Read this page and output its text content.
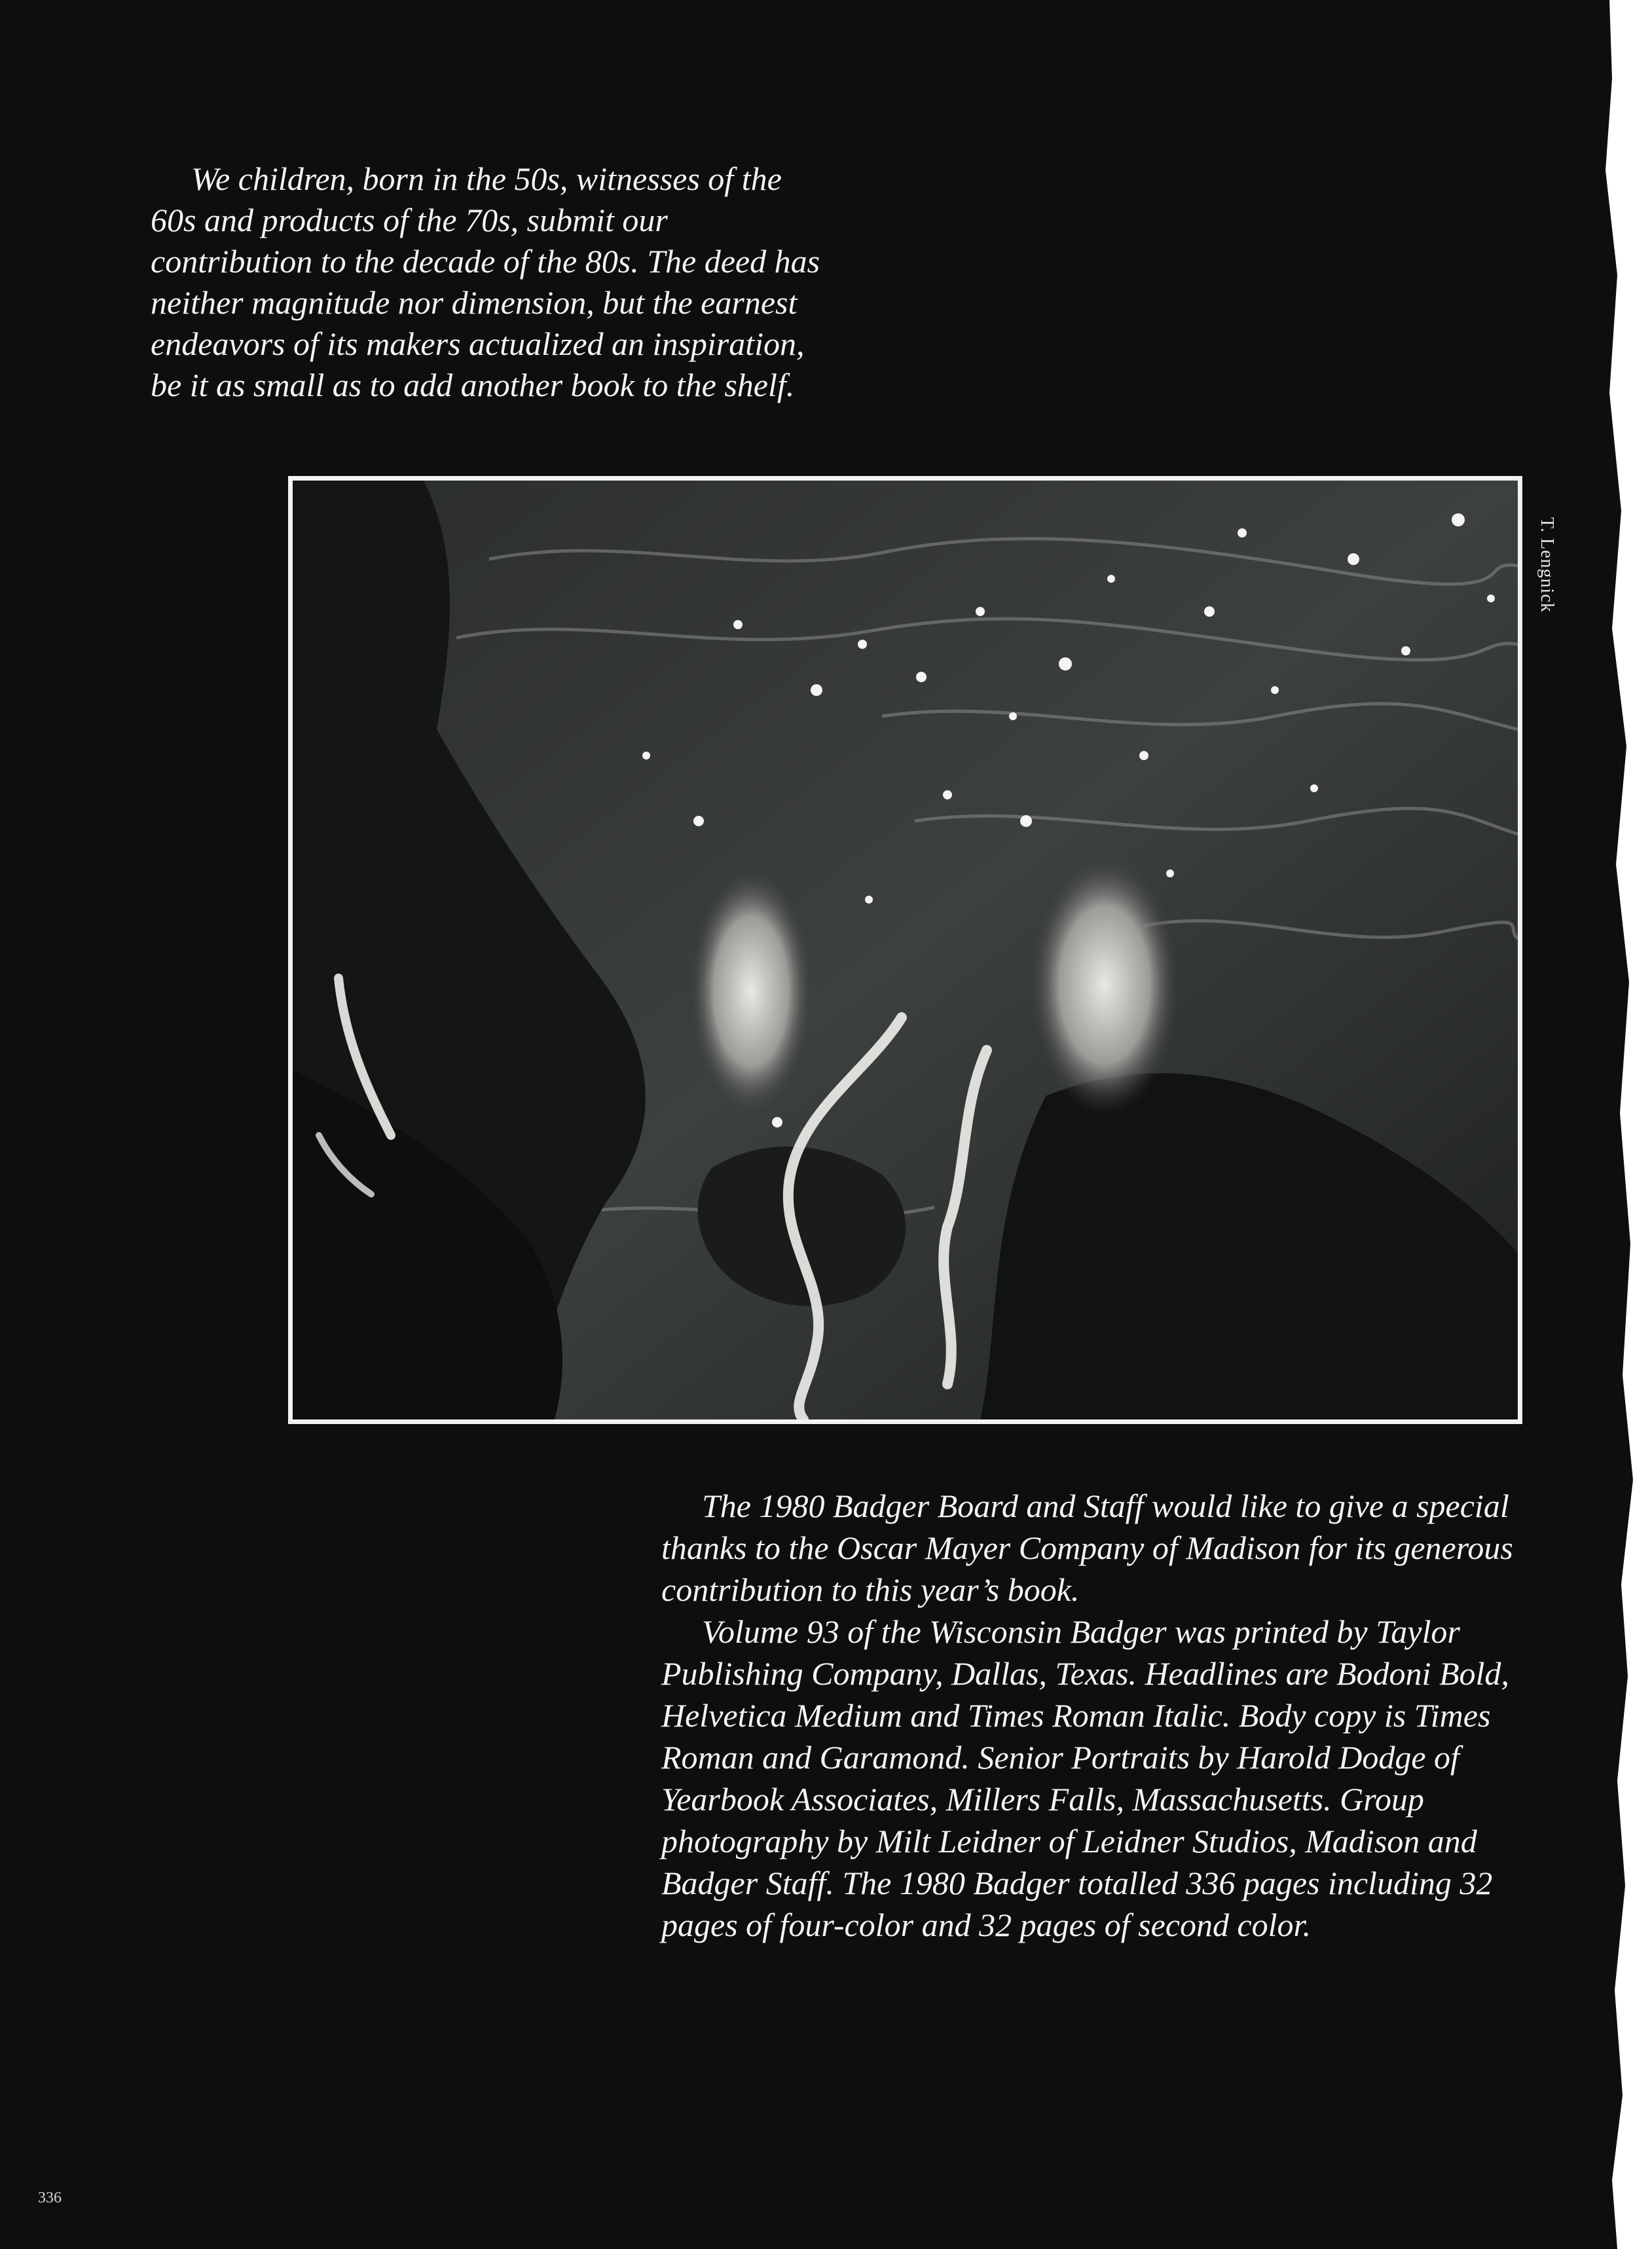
We children, born in the 50s, witnesses of the
60s and products of the 70s, submit our
contribution to the decade of the 80s. The deed has
neither magnitude nor dimension, but the earnest
endeavors of its makers actualized an inspiration,
be it as small as to add another book to the shelf.
T. Lengnick
The 1980 Badger Board and Staff would like to give a special
thanks to the Oscar Mayer Company of Madison for its generous
contribution to this year’s book.
Volume 93 of the Wisconsin Badger was printed by Taylor
Publishing Company, Dallas, Texas. Headlines are Bodoni Bold,
Helvetica Medium and Times Roman Italic. Body copy is Times
Roman and Garamond. Senior Portraits by Harold Dodge of
Yearbook Associates, Millers Falls, Massachusetts. Group
photography by Milt Leidner of Leidner Studios, Madison and
Badger Staff. The 1980 Badger totalled 336 pages including 32
pages of four-color and 32 pages of second color.
336
